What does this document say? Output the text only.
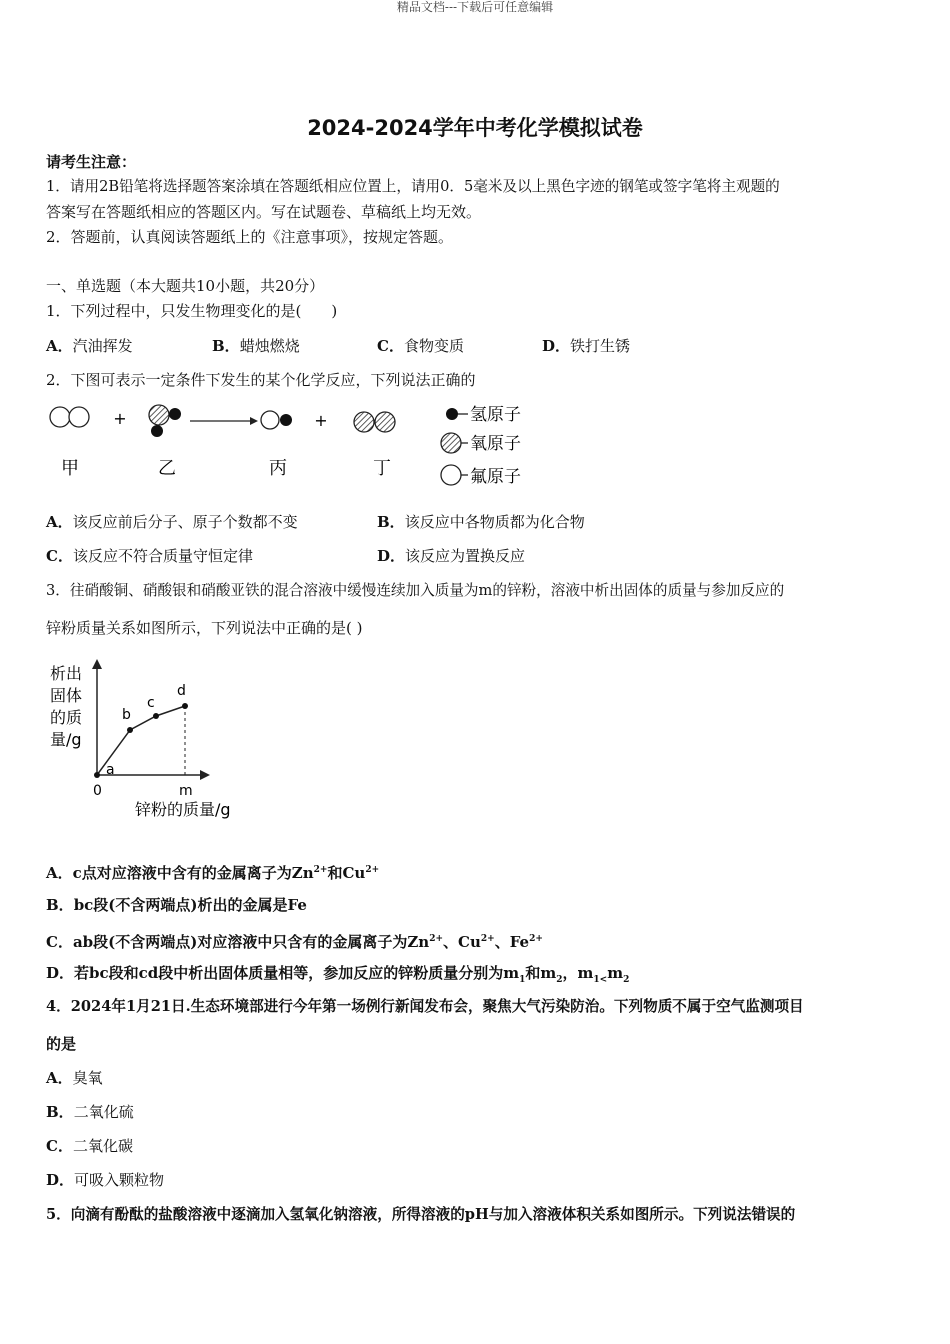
精品文档---下载后可任意编辑
2024-2024学年中考化学模拟试卷
请考生注意：
1．请用2B铅笔将选择题答案涂填在答题纸相应位置上，请用0．5毫米及以上黑色字迹的钢笔或签字笔将主观题的
答案写在答题纸相应的答题区内。写在试题卷、草稿纸上均无效。
2．答题前，认真阅读答题纸上的《注意事项》，按规定答题。
一、单选题（本大题共10小题，共20分）
1．下列过程中，只发生物理变化的是(　　)
A．汽油挥发	B．蜡烛燃烧	C．食物变质	D．铁打生锈
2．下图可表示一定条件下发生的某个化学反应，下列说法正确的
+	+
甲	乙	丙	丁
氢原子
氧原子
氟原子
A．该反应前后分子、原子个数都不变	B．该反应中各物质都为化合物
C．该反应不符合质量守恒定律	D．该反应为置换反应
3．往硝酸铜、硝酸银和硝酸亚铁的混合溶液中缓慢连续加入质量为m的锌粉，溶液中析出固体的质量与参加反应的
锌粉质量关系如图所示，下列说法中正确的是( )
析出
固体
的质
量/g
a
b
c
d
0	m
锌粉的质量/g
A．c点对应溶液中含有的金属离子为$Zn^{2+}$和$Cu^{2+}$
B．bc段(不含两端点)析出的金属是Fe
C．ab段(不含两端点)对应溶液中只含有的金属离子为$Zn^{2+}$、$Cu^{2+}$、$Fe^{2+}$
D．若bc段和cd段中析出固体质量相等，参加反应的锌粉质量分别为$m_1$和$m_2$，$m_{1<}m_2$
4．2024年1月21日.生态环境部进行今年第一场例行新闻发布会，聚焦大气污染防治。下列物质不属于空气监测项目
的是
A．臭氧
B．二氧化硫
C．二氧化碳
D．可吸入颗粒物
5．向滴有酚酞的盐酸溶液中逐滴加入氢氧化钠溶液，所得溶液的pH与加入溶液体积关系如图所示。下列说法错误的
